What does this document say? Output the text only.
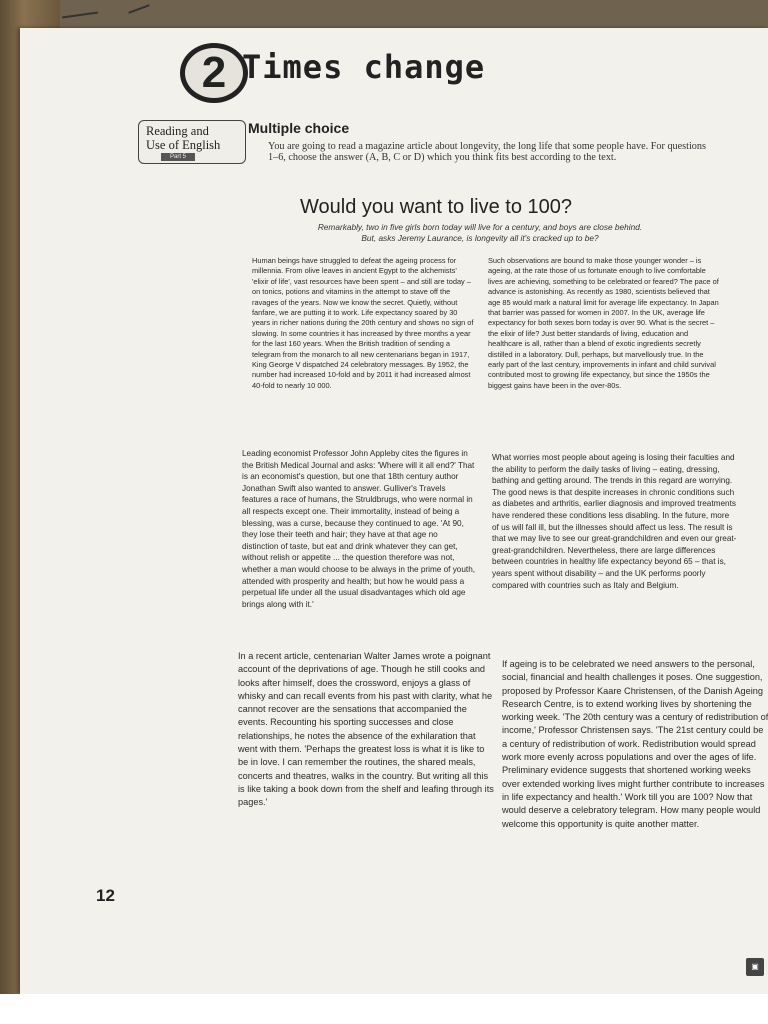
2 Times change
Reading and
Use of English
Part 5
Multiple choice
You are going to read a magazine article about longevity, the long life that some people have. For questions 1–6, choose the answer (A, B, C or D) which you think fits best according to the text.
Would you want to live to 100?
Remarkably, two in five girls born today will live for a century, and boys are close behind.
But, asks Jeremy Laurance, is longevity all it's cracked up to be?

Human beings have struggled to defeat the ageing process for millennia. From olive leaves in ancient Egypt to the alchemists' 'elixir of life', vast resources have been spent – and still are today – on tonics, potions and vitamins in the attempt to stave off the ravages of the years. Now we know the secret. Quietly, without fanfare, we are putting it to work. Life expectancy soared by 30 years in richer nations during the 20th century and shows no sign of slowing. In some countries it has increased by three months a year for the last 160 years. When the British tradition of sending a telegram from the monarch to all new centenarians began in 1917, King George V dispatched 24 celebratory messages. By 1952, the number had increased 10-fold and by 2011 it had increased almost 40-fold to nearly 10 000.

Leading economist Professor John Appleby cites the figures in the British Medical Journal and asks: 'Where will it all end?' That is an economist's question, but one that 18th century author Jonathan Swift also wanted to answer. Gulliver's Travels features a race of humans, the Struldbrugs, who were normal in all respects except one. Their immortality, instead of being a blessing, was a curse, because they continued to age. 'At 90, they lose their teeth and hair; they have at that age no distinction of taste, but eat and drink whatever they can get, without relish or appetite ... the question therefore was not, whether a man would choose to be always in the prime of youth, attended with prosperity and health; but how he would pass a perpetual life under all the usual disadvantages which old age brings along with it.'

In a recent article, centenarian Walter James wrote a poignant account of the deprivations of age. Though he still cooks and looks after himself, does the crossword, enjoys a glass of whisky and can recall events from his past with clarity, what he cannot recover are the sensations that accompanied the events. Recounting his sporting successes and close relationships, he notes the absence of the exhilaration that went with them. 'Perhaps the greatest loss is what it is like to be in love. I can remember the routines, the shared meals, concerts and theatres, walks in the country. But writing all this is like taking a book down from the shelf and leafing through its pages.'

Such observations are bound to make those younger wonder – is ageing, at the rate those of us fortunate enough to live comfortable lives are achieving, something to be celebrated or feared? The pace of advance is astonishing. As recently as 1980, scientists believed that age 85 would mark a natural limit for average life expectancy. In Japan that barrier was passed for women in 2007. In the UK, average life expectancy for both sexes born today is over 90. What is the secret – the elixir of life? Just better standards of living, education and healthcare is all, rather than a blend of exotic ingredients secretly distilled in a laboratory. Dull, perhaps, but marvellously true. In the early part of the last century, improvements in infant and child survival contributed most to growing life expectancy, but since the 1950s the biggest gains have been in the over-80s.

What worries most people about ageing is losing their faculties and the ability to perform the daily tasks of living – eating, dressing, bathing and getting around. The trends in this regard are worrying. The good news is that despite increases in chronic conditions such as diabetes and arthritis, earlier diagnosis and improved treatments have rendered these conditions less disabling. In the future, more of us will fall ill, but the illnesses should affect us less. The result is that we may live to see our great-grandchildren and even our great-great-grandchildren. Nevertheless, there are large differences between countries in healthy life expectancy beyond 65 – that is, years spent without disability – and the UK performs poorly compared with countries such as Italy and Belgium.

If ageing is to be celebrated we need answers to the personal, social, financial and health challenges it poses. One suggestion, proposed by Professor Kaare Christensen, of the Danish Ageing Research Centre, is to extend working lives by shortening the working week. 'The 20th century was a century of redistribution of income,' Professor Christensen says. 'The 21st century could be a century of redistribution of work. Redistribution would spread work more evenly across populations and over the ages of life. Preliminary evidence suggests that shortened working weeks over extended working lives might further contribute to increases in life expectancy and health.' Work till you are 100? Now that would deserve a celebratory telegram. How many people would welcome this opportunity is quite another matter.

12
▣
